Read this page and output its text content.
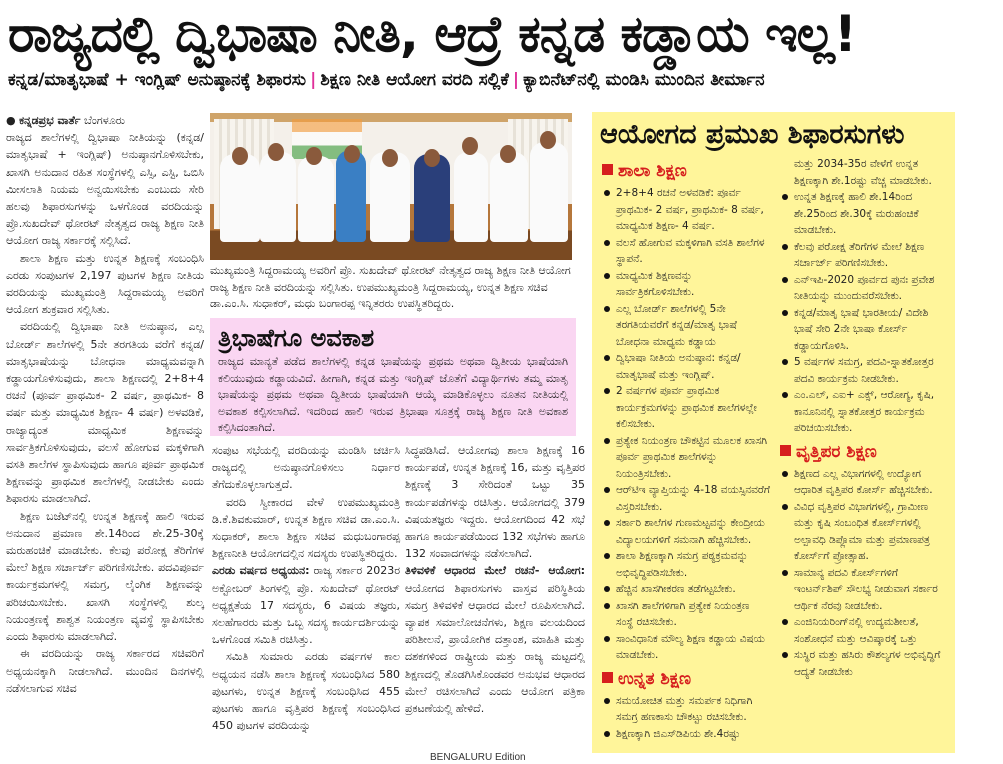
ರಾಜ್ಯದಲ್ಲಿ ದ್ವಿಭಾಷಾ ನೀತಿ, ಆದ್ರೆ ಕನ್ನಡ ಕಡ್ಡಾಯ ಇಲ್ಲ!
ಕನ್ನಡ/ಮಾತೃಭಾಷೆ + ಇಂಗ್ಲಿಷ್ ಅನುಷ್ಠಾನಕ್ಕೆ ಶಿಫಾರಸು | ಶಿಕ್ಷಣ ನೀತಿ ಆಯೋಗ ವರದಿ ಸಲ್ಲಿಕೆ | ಕ್ಯಾಬಿನೆಟ್‌ನಲ್ಲಿ ಮಂಡಿಸಿ ಮುಂದಿನ ತೀರ್ಮಾನ

● ಕನ್ನಡಪ್ರಭ ವಾರ್ತೆ ಬೆಂಗಳೂರು

ರಾಜ್ಯದ ಶಾಲೆಗಳಲ್ಲಿ ದ್ವಿಭಾಷಾ ನೀತಿಯನ್ನು (ಕನ್ನಡ/ಮಾತೃಭಾಷೆ + ಇಂಗ್ಲಿಷ್) ಅನುಷ್ಠಾನಗೊಳಿಸಬೇಕು, ಖಾಸಗಿ ಅನುದಾನ ರಹಿತ ಸಂಸ್ಥೆಗಳಲ್ಲಿ ಎಸ್ಸಿ, ಎಸ್ಟಿ, ಒಬಿಸಿ ಮೀಸಲಾತಿ ನಿಯಮ ಅನ್ವಯಿಸಬೇಕು ಎಂಬುದು ಸೇರಿ ಹಲವು ಶಿಫಾರಸುಗಳನ್ನು ಒಳಗೊಂಡ ವರದಿಯನ್ನು ಪ್ರೊ.ಸುಖದೇವ್ ಥೋರಟ್ ನೇತೃತ್ವದ ರಾಜ್ಯ ಶಿಕ್ಷಣ ನೀತಿ ಆಯೋಗ ರಾಜ್ಯ ಸರ್ಕಾರಕ್ಕೆ ಸಲ್ಲಿಸಿದೆ.

ಶಾಲಾ ಶಿಕ್ಷಣ ಮತ್ತು ಉನ್ನತ ಶಿಕ್ಷಣಕ್ಕೆ ಸಂಬಂಧಿಸಿ ಎರಡು ಸಂಪುಟಗಳ 2,197 ಪುಟಗಳ ಶಿಕ್ಷಣ ನೀತಿಯ ವರದಿಯನ್ನು ಮುಖ್ಯಮಂತ್ರಿ ಸಿದ್ದರಾಮಯ್ಯ ಅವರಿಗೆ ಆಯೋಗ ಶುಕ್ರವಾರ ಸಲ್ಲಿಸಿತು.

ವರದಿಯಲ್ಲಿ ದ್ವಿಭಾಷಾ ನೀತಿ ಅನುಷ್ಠಾನ, ಎಲ್ಲ ಬೋರ್ಡ್ ಶಾಲೆಗಳಲ್ಲಿ 5ನೇ ತರಗತಿಯ ವರೆಗೆ ಕನ್ನಡ/ಮಾತೃಭಾಷೆಯನ್ನು ಬೋಧನಾ ಮಾಧ್ಯಮವನ್ನಾಗಿ ಕಡ್ಡಾಯಗೊಳಿಸುವುದು, ಶಾಲಾ ಶಿಕ್ಷಣದಲ್ಲಿ 2+8+4 ರಚನೆ (ಪೂರ್ವ ಪ್ರಾಥಮಿಕ- 2 ವರ್ಷ, ಪ್ರಾಥಮಿಕ- 8 ವರ್ಷ ಮತ್ತು ಮಾಧ್ಯಮಿಕ ಶಿಕ್ಷಣ- 4 ವರ್ಷ) ಅಳವಡಿಕೆ, ರಾಜ್ಯಾದ್ಯಂತ ಮಾಧ್ಯಮಿಕ ಶಿಕ್ಷಣವನ್ನು ಸಾರ್ವತ್ರಿಕಗೊಳಿಸುವುದು, ವಲಸೆ ಹೋಗುವ ಮಕ್ಕಳಿಗಾಗಿ ವಸತಿ ಶಾಲೆಗಳ ಸ್ಥಾಪಿಸುವುದು ಹಾಗೂ ಪೂರ್ವ ಪ್ರಾಥಮಿಕ ಶಿಕ್ಷಣವನ್ನು ಪ್ರಾಥಮಿಕ ಶಾಲೆಗಳಲ್ಲಿ ನೀಡಬೇಕು ಎಂದು ಶಿಫಾರಸು ಮಾಡಲಾಗಿದೆ.

ಶಿಕ್ಷಣ ಬಜೆಟ್‌ನಲ್ಲಿ ಉನ್ನತ ಶಿಕ್ಷಣಕ್ಕೆ ಹಾಲಿ ಇರುವ ಅನುದಾನ ಪ್ರಮಾಣ ಶೇ.14ರಿಂದ ಶೇ.25-30ಕ್ಕೆ ಮರುಹಂಚಿಕೆ ಮಾಡಬೇಕು. ಕೆಲವು ಪರೋಕ್ಷ ತೆರಿಗೆಗಳ ಮೇಲೆ ಶಿಕ್ಷಣ ಸರ್ಚಾರ್ಜ್ ಪರಿಗಣಿಸಬೇಕು. ಪದವಿಪೂರ್ವ ಕಾರ್ಯಕ್ರಮಗಳಲ್ಲಿ ಸಮಗ್ರ, ಲೈಂಗಿಕ ಶಿಕ್ಷಣವನ್ನು ಪರಿಚಯಿಸಬೇಕು. ಖಾಸಗಿ ಸಂಸ್ಥೆಗಳಲ್ಲಿ ಶುಲ್ಕ ನಿಯಂತ್ರಣಕ್ಕೆ ಶಾಶ್ವತ ನಿಯಂತ್ರಣ ವ್ಯವಸ್ಥೆ ಸ್ಥಾಪಿಸಬೇಕು ಎಂದು ಶಿಫಾರಸು ಮಾಡಲಾಗಿದೆ.

ಈ ವರದಿಯನ್ನು ರಾಜ್ಯ ಸರ್ಕಾರದ ಸಚಿವರಿಗೆ ಅಧ್ಯಯನಕ್ಕಾಗಿ ನೀಡಲಾಗಿದೆ. ಮುಂದಿನ ದಿನಗಳಲ್ಲಿ ನಡೆಸಲಾಗುವ ಸಚಿವ

ಮುಖ್ಯಮಂತ್ರಿ ಸಿದ್ದರಾಮಯ್ಯ ಅವರಿಗೆ ಪ್ರೊ. ಸುಖದೇವ್ ಥೋರಟ್ ನೇತೃತ್ವದ ರಾಜ್ಯ ಶಿಕ್ಷಣ ನೀತಿ ಆಯೋಗ ರಾಜ್ಯ ಶಿಕ್ಷಣ ನೀತಿ ವರದಿಯನ್ನು ಸಲ್ಲಿಸಿತು. ಉಪಮುಖ್ಯಮಂತ್ರಿ ಸಿದ್ದರಾಮಯ್ಯ, ಉನ್ನತ ಶಿಕ್ಷಣ ಸಚಿವ ಡಾ.ಎಂ.ಸಿ. ಸುಧಾಕರ್, ಮಧು ಬಂಗಾರಪ್ಪ ಇನ್ನಿತರರು ಉಪಸ್ಥಿತರಿದ್ದರು.
ತ್ರಿಭಾಷೆಗೂ ಅವಕಾಶ

ರಾಜ್ಯದ ಮಾನ್ಯತೆ ಪಡೆದ ಶಾಲೆಗಳಲ್ಲಿ ಕನ್ನಡ ಭಾಷೆಯನ್ನು ಪ್ರಥಮ ಅಥವಾ ದ್ವಿತೀಯ ಭಾಷೆಯಾಗಿ ಕಲಿಯುವುದು ಕಡ್ಡಾಯವಿದೆ. ಹೀಗಾಗಿ, ಕನ್ನಡ ಮತ್ತು ಇಂಗ್ಲಿಷ್ ಜೊತೆಗೆ ವಿದ್ಯಾರ್ಥಿಗಳು ತಮ್ಮ ಮಾತೃ ಭಾಷೆಯನ್ನು ಪ್ರಥಮ ಅಥವಾ ದ್ವಿತೀಯ ಭಾಷೆಯಾಗಿ ಆಯ್ಕೆ ಮಾಡಿಕೊಳ್ಳಲು ನೂತನ ನೀತಿಯಲ್ಲಿ ಅವಕಾಶ ಕಲ್ಪಿಸಲಾಗಿದೆ. ಇದರಿಂದ ಹಾಲಿ ಇರುವ ತ್ರಿಭಾಷಾ ಸೂತ್ರಕ್ಕೆ ರಾಜ್ಯ ಶಿಕ್ಷಣ ನೀತಿ ಅವಕಾಶ ಕಲ್ಪಿಸಿದಂತಾಗಿದೆ.

ಸಂಪುಟ ಸಭೆಯಲ್ಲಿ ವರದಿಯನ್ನು ಮಂಡಿಸಿ ಚರ್ಚಿಸಿ ರಾಜ್ಯದಲ್ಲಿ ಅನುಷ್ಠಾನಗೊಳಿಸಲು ನಿರ್ಧಾರ ತೆಗೆದುಕೊಳ್ಳಲಾಗುತ್ತದೆ.

ವರದಿ ಸ್ವೀಕಾರದ ವೇಳೆ ಉಪಮುಖ್ಯಮಂತ್ರಿ ಡಿ.ಕೆ.ಶಿವಕುಮಾರ್, ಉನ್ನತ ಶಿಕ್ಷಣ ಸಚಿವ ಡಾ.ಎಂ.ಸಿ. ಸುಧಾಕರ್, ಶಾಲಾ ಶಿಕ್ಷಣ ಸಚಿವ ಮಧುಬಂಗಾರಪ್ಪ ಶಿಕ್ಷಣನೀತಿ ಆಯೋಗದಲ್ಲಿನ ಸದಸ್ಯರು ಉಪಸ್ಥಿತರಿದ್ದರು.

ಎರಡು ವರ್ಷದ ಅಧ್ಯಯನ: ರಾಜ್ಯ ಸರ್ಕಾರ 2023ರ ಅಕ್ಟೋಬರ್ ತಿಂಗಳಲ್ಲಿ ಪ್ರೊ. ಸುಖದೇವ್ ಥೋರಟ್ ಅಧ್ಯಕ್ಷತೆಯ 17 ಸದಸ್ಯರು, 6 ವಿಷಯ ತಜ್ಞರು, ಸಲಹೆಗಾರರು ಮತ್ತು ಒಬ್ಬ ಸದಸ್ಯ ಕಾರ್ಯದರ್ಶಿಯನ್ನು ಒಳಗೊಂಡ ಸಮಿತಿ ರಚಿಸಿತ್ತು.

ಸಮಿತಿ ಸುಮಾರು ಎರಡು ವರ್ಷಗಳ ಕಾಲ ಅಧ್ಯಯನ ನಡೆಸಿ ಶಾಲಾ ಶಿಕ್ಷಣಕ್ಕೆ ಸಂಬಂಧಿಸಿದ 580 ಪುಟಗಳು, ಉನ್ನತ ಶಿಕ್ಷಣಕ್ಕೆ ಸಂಬಂಧಿಸಿದ 455 ಪುಟಗಳು ಹಾಗೂ ವೃತ್ತಿಪರ ಶಿಕ್ಷಣಕ್ಕೆ ಸಂಬಂಧಿಸಿದ 450 ಪುಟಗಳ ವರದಿಯನ್ನು

ಸಿದ್ಧಪಡಿಸಿದೆ. ಆಯೋಗವು ಶಾಲಾ ಶಿಕ್ಷಣಕ್ಕೆ 16 ಕಾರ್ಯಪಡೆ, ಉನ್ನತ ಶಿಕ್ಷಣಕ್ಕೆ 16, ಮತ್ತು ವೃತ್ತಿಪರ ಶಿಕ್ಷಣಕ್ಕೆ 3 ಸೇರಿದಂತೆ ಒಟ್ಟು 35 ಕಾರ್ಯಪಡೆಗಳನ್ನು ರಚಿಸಿತ್ತು. ಆಯೋಗದಲ್ಲಿ 379 ವಿಷಯತಜ್ಞರು ಇದ್ದರು. ಆಯೋಗದಿಂದ 42 ಸಭೆ ಹಾಗೂ ಕಾರ್ಯಪಡೆಯಿಂದ 132 ಸಭೆಗಳು ಹಾಗೂ 132 ಸಂವಾದಗಳನ್ನು ನಡೆಸಲಾಗಿದೆ.

ತಿಳಿವಳಿಕೆ ಆಧಾರದ ಮೇಲೆ ರಚನೆ- ಆಯೋಗ: ಆಯೋಗದ ಶಿಫಾರಸುಗಳು ವಾಸ್ತವ ಪರಿಸ್ಥಿತಿಯ ಸಮಗ್ರ ತಿಳಿವಳಿಕೆ ಆಧಾರದ ಮೇಲೆ ರೂಪಿಸಲಾಗಿದೆ. ವ್ಯಾಪಕ ಸಮಾಲೋಚನೆಗಳು, ಶಿಕ್ಷಣ ವಲಯದಿಂದ ಪರಿಶೀಲನೆ, ಪ್ರಾಯೋಗಿಕ ದತ್ತಾಂಶ, ಮಾಹಿತಿ ಮತ್ತು ದಶಕಗಳಿಂದ ರಾಷ್ಟ್ರೀಯ ಮತ್ತು ರಾಜ್ಯ ಮಟ್ಟದಲ್ಲಿ ಶಿಕ್ಷಣದಲ್ಲಿ ತೊಡಗಿಸಿಕೊಂಡವರ ಅನುಭವ ಆಧಾರದ ಮೇಲೆ ರಚಿಸಲಾಗಿದೆ ಎಂದು ಆಯೋಗ ಪತ್ರಿಕಾ ಪ್ರಕಟಣೆಯಲ್ಲಿ ಹೇಳಿದೆ.

ಆಯೋಗದ ಪ್ರಮುಖ ಶಿಫಾರಸುಗಳು
ಶಾಲಾ ಶಿಕ್ಷಣ
2+8+4 ರಚನೆ ಅಳವಡಿಕೆ: ಪೂರ್ವ ಪ್ರಾಥಮಿಕ- 2 ವರ್ಷ, ಪ್ರಾಥಮಿಕ- 8 ವರ್ಷ, ಮಾಧ್ಯಮಿಕ ಶಿಕ್ಷಣ- 4 ವರ್ಷ.
ವಲಸೆ ಹೋಗುವ ಮಕ್ಕಳಿಗಾಗಿ ವಸತಿ ಶಾಲೆಗಳ ಸ್ಥಾಪನೆ.
ಮಾಧ್ಯಮಿಕ ಶಿಕ್ಷಣವನ್ನು ಸಾರ್ವತ್ರಿಕಗೊಳಿಸಬೇಕು.
ಎಲ್ಲ ಬೋರ್ಡ್ ಶಾಲೆಗಳಲ್ಲಿ 5ನೇ ತರಗತಿಯವರೆಗೆ ಕನ್ನಡ/ಮಾತೃ ಭಾಷೆ ಬೋಧನಾ ಮಾಧ್ಯಮ ಕಡ್ಡಾಯ
ದ್ವಿಭಾಷಾ ನೀತಿಯ ಅನುಷ್ಠಾನ: ಕನ್ನಡ/ ಮಾತೃಭಾಷೆ ಮತ್ತು ಇಂಗ್ಲಿಷ್.
2 ವರ್ಷಗಳ ಪೂರ್ವ ಪ್ರಾಥಮಿಕ ಕಾರ್ಯಕ್ರಮಗಳನ್ನು ಪ್ರಾಥಮಿಕ ಶಾಲೆಗಳಲ್ಲೇ ಕಲಿಸಬೇಕು.
ಪ್ರತ್ಯೇಕ ನಿಯಂತ್ರಣ ಚೌಕಟ್ಟಿನ ಮೂಲಕ ಖಾಸಗಿ ಪೂರ್ವ ಪ್ರಾಥಮಿಕ ಶಾಲೆಗಳನ್ನು ನಿಯಂತ್ರಿಸಬೇಕು.
ಆರ್‌ಟಿಇ ವ್ಯಾಪ್ತಿಯನ್ನು 4-18 ವಯಸ್ಸಿನವರೆಗೆ ವಿಸ್ತರಿಸಬೇಕು.
ಸರ್ಕಾರಿ ಶಾಲೆಗಳ ಗುಣಮಟ್ಟವನ್ನು ಕೇಂದ್ರೀಯ ವಿದ್ಯಾಲಯಗಳಿಗೆ ಸಮನಾಗಿ ಹೆಚ್ಚಿಸಬೇಕು.
ಶಾಲಾ ಶಿಕ್ಷಣಕ್ಕಾಗಿ ಸಮಗ್ರ ಪಠ್ಯಕ್ರಮವನ್ನು ಅಭಿವೃದ್ಧಿಪಡಿಸಬೇಕು.
ಹೆಚ್ಚಿನ ಖಾಸಗೀಕರಣ ತಡೆಗಟ್ಟಬೇಕು.
ಖಾಸಗಿ ಶಾಲೆಗಳಿಗಾಗಿ ಪ್ರತ್ಯೇಕ ನಿಯಂತ್ರಣ ಸಂಸ್ಥೆ ರಚಿಸಬೇಕು.
ಸಾಂವಿಧಾನಿಕ ಮೌಲ್ಯ ಶಿಕ್ಷಣ ಕಡ್ಡಾಯ ವಿಷಯ ಮಾಡಬೇಕು.
ಉನ್ನತ ಶಿಕ್ಷಣ
ಸಮಯೋಚಿತ ಮತ್ತು ಸಮರ್ಪಕ ನಿಧಿಗಾಗಿ ಸಮಗ್ರ ಹಣಕಾಸು ಚೌಕಟ್ಟು ರಚಿಸಬೇಕು.
ಶಿಕ್ಷಣಕ್ಕಾಗಿ ಜಿಎಸ್‌ಡಿಪಿಯ ಶೇ.4ರಷ್ಟು
ಮತ್ತು 2034-35ರ ವೇಳೆಗೆ ಉನ್ನತ ಶಿಕ್ಷಣಕ್ಕಾಗಿ ಶೇ.1ರಷ್ಟು ವೆಚ್ಚ ಮಾಡಬೇಕು.
ಉನ್ನತ ಶಿಕ್ಷಣಕ್ಕೆ ಹಾಲಿ ಶೇ.14ರಿಂದ ಶೇ.25ರಿಂದ ಶೇ.30ಕ್ಕೆ ಮರುಹಂಚಿಕೆ ಮಾಡಬೇಕು.
ಕೆಲವು ಪರೋಕ್ಷ ತೆರಿಗೆಗಳ ಮೇಲೆ ಶಿಕ್ಷಣ ಸರ್ಚಾರ್ಜ್ ಪರಿಗಣಿಸಬೇಕು.
ಎನ್‌ಇಪಿ-2020 ಪೂರ್ವದ ಪುನಃ ಪ್ರವೇಶ ನೀತಿಯನ್ನು ಮುಂದುವರೆಸಬೇಕು.
ಕನ್ನಡ/ಮಾತೃ ಭಾಷೆ ಭಾರತೀಯ/ ವಿದೇಶಿ ಭಾಷೆ ಸೇರಿ 2ನೇ ಭಾಷಾ ಕೋರ್ಸ್ ಕಡ್ಡಾಯಗೊಳಿಸಿ.
5 ವರ್ಷಗಳ ಸಮಗ್ರ, ಪದವಿ-ಸ್ನಾತಕೋತ್ತರ ಪದವಿ ಕಾರ್ಯಕ್ರಮ ನೀಡಬೇಕು.
ಎಂ.ಎಲ್, ಎಐ+ ಎಕ್ಸ್, ಆರೋಗ್ಯ, ಕೃಷಿ, ಕಾನೂನಿನಲ್ಲಿ ಸ್ನಾತಕೋತ್ತರ ಕಾರ್ಯಕ್ರಮ ಪರಿಚಯಿಸಬೇಕು.
ವೃತ್ತಿಪರ ಶಿಕ್ಷಣ
ಶಿಕ್ಷಣದ ಎಲ್ಲ ವಿಭಾಗಗಳಲ್ಲಿ ಉದ್ಯೋಗ ಆಧಾರಿತ ವೃತ್ತಿಪರ ಕೋರ್ಸ್ ಹೆಚ್ಚಿಸಬೇಕು.
ವಿವಿಧ ವೃತ್ತಿಪರ ವಿಭಾಗಗಳಲ್ಲಿ, ಗ್ರಾಮೀಣ ಮತ್ತು ಕೃಷಿ ಸಂಬಂಧಿತ ಕೋರ್ಸ್‌ಗಳಲ್ಲಿ ಅಲ್ಪಾವಧಿ ಡಿಪ್ಲೊಮಾ ಮತ್ತು ಪ್ರಮಾಣಪತ್ರ ಕೋರ್ಸ್‌ಗೆ ಪ್ರೋತ್ಸಾಹ.
ಸಾಮಾನ್ಯ ಪದವಿ ಕೋರ್ಸ್‌ಗಳಿಗೆ ಇಂಟರ್ನ್‌ಶಿಪ್ ಸೌಲಭ್ಯ ನೀಡುವಾಗ ಸರ್ಕಾರ ಆರ್ಥಿಕ ನೆರವು ನೀಡಬೇಕು.
ಎಂಜಿನಿಯರಿಂಗ್‌ನಲ್ಲಿ ಉದ್ಯಮಶೀಲತೆ, ಸಂಶೋಧನೆ ಮತ್ತು ಆವಿಷ್ಕಾರಕ್ಕೆ ಒತ್ತು
ಸುಸ್ಥಿರ ಮತ್ತು ಹಸಿರು ಕೌಶಲ್ಯಗಳ ಅಭಿವೃದ್ಧಿಗೆ ಆದ್ಯತೆ ನೀಡಬೇಕು
BENGALURU Edition
